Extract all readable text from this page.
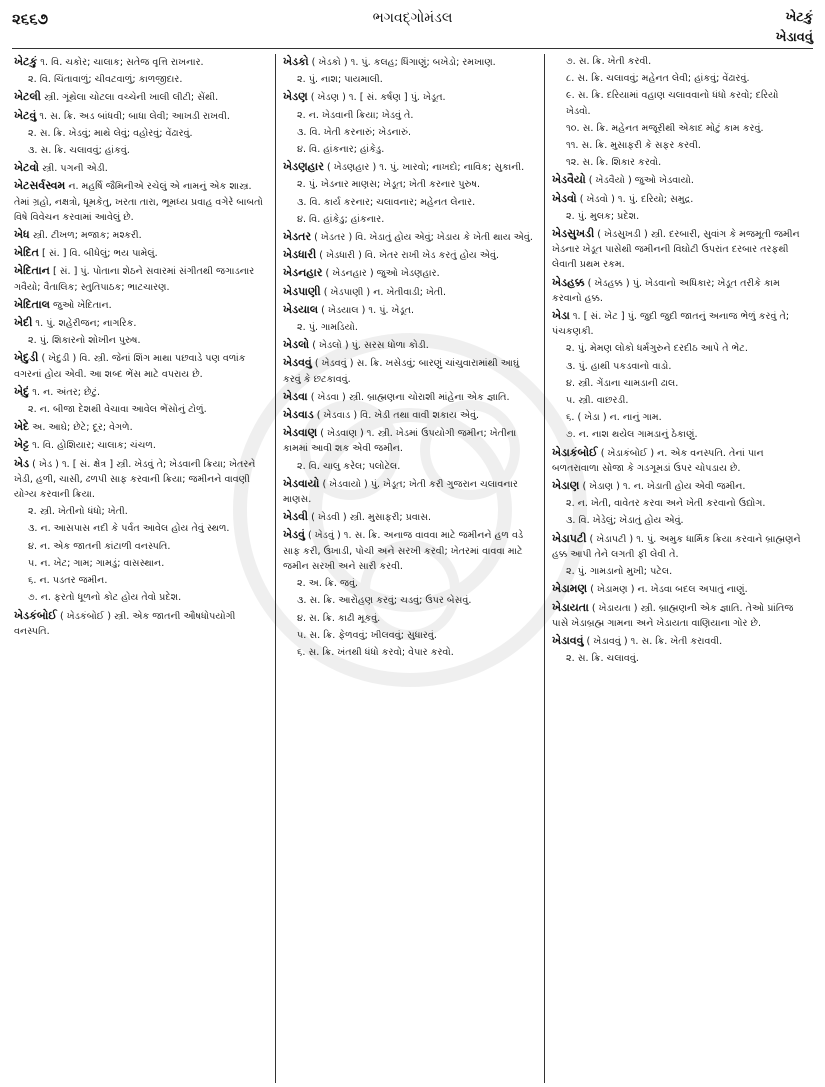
૨૬૬૭	ભગવદ્ગોમંડલ	ખેટકું
ખેડાવવું

ખેટકું ૧. વિ. ચકોર; ચાલાક; સતેજ વૃત્તિ રાખનાર.

૨. વિ. ચિંતાવાળું; ચીવટવાળું; કાળજીદાર.

ખેટલી સ્ત્રી. ગૂંથેલા ચોટલા વચ્ચેની ખાલી લીટી; સેંથી.

ખેટવું ૧. સ. ક્રિ. અડ બાંધવી; બાધા લેવી; આખડી રાખવી.

૨. સ. ક્રિ. ખેડવું; માથે લેવું; વહોરવું; વેંઢારવું.

૩. સ. ક્રિ. ચલાવવું; હાંકવું.

ખેટવો સ્ત્રી. પગની એડી.

ખેટસર્વસ્વમ ન. મહર્ષિ જૈમિનીએ રચેલું એ નામનું એક શાસ્ત્ર. તેમાં ગ્રહો, નક્ષત્રો, ધૂમકેતુ, ખરતા તારા, ભૂમધ્ય પ્રવાહ વગેરે બાબતો વિષે વિવેચન કરવામાં આવેલું છે.

ખેધ સ્ત્રી. ટીખળ; મજાક; મશ્કરી.

ખેદિત [ સં. ] વિ. બીધેલું; ભય પામેલું.

ખેદિતાન [ સં. ] પું. પોતાના શેઠને સવારમાં સંગીતથી જગાડનાર ગવૈયો; વૈતાલિક; સ્તુતિપાઠક; ભાટચારણ.

ખેદિતાલ જુઓ ખેદિતાન.

ખેદી ૧. પું. શહેરીજન; નાગરિક.

૨. પું. શિકારનો શોખીન પુરુષ.

ખેદુડી ( ખેદુડી ) વિ. સ્ત્રી. જેનાં શિંગ માથા પછવાડે પણ વળાંક વગરનાં હોય એવી. આ શબ્દ ભેંસ માટે વપરાય છે.

ખેદું ૧. ન. અંતર; છેટું.

૨. ન. બીજા દેશથી વેચાવા આવેલ ભેંસોનું ટોળું.

ખેદે અ. આઘે; છેટે; દૂર; વેગળે.

ખેટ્ટ ૧. વિ. હોશિયાર; ચાલાક; ચંચળ.

ખેડ ( ખેડ ) ૧. [ સં. ક્ષેત્ર ] સ્ત્રી. ખેડવું તે; ખેડવાની ક્રિયા; ખેતરને ખેડી, હળી, ચાસી, ઢળપી સાફ કરવાની ક્રિયા; જમીનને વાવણી યોગ્ય કરવાની ક્રિયા.

૨. સ્ત્રી. ખેતીનો ધંધો; ખેતી.

૩. ન. આસપાસ નદી કે પર્વત આવેલ હોય તેવું સ્થળ.

૪. ન. એક જાતની કાંટાળી વનસ્પતિ.

૫. ન. ખેટ; ગામ; ગામડું; વાસસ્થાન.

૬. ન. પડતર જમીન.

૭. ન. ફરતો ધૂળનો કોટ હોય તેવો પ્રદેશ.

ખેડકંબોઈ ( ખેડકંબોઈ ) સ્ત્રી. એક જાતની ઔષધોપયોગી વનસ્પતિ.

ખેડકો ( ખેડકો ) ૧. પું. કલહ; ધિંગાણું; બખેડો; રમખાણ.

૨. પું. નાશ; પાયમાલી.

ખેડણ ( ખેડણ ) ૧. [ સં. કર્ષણ ] પું. ખેડૂત.

૨. ન. ખેડવાની ક્રિયા; ખેડવું તે.

૩. વિ. ખેતી કરનારું; ખેડનારું.

૪. વિ. હાંકનાર; હાંકેડુ.

ખેડણહાર ( ખેડણહાર ) ૧. પું. ખારવો; નાખદો; નાવિક; સુકાની.

૨. પું. ખેડનાર માણસ; ખેડૂત; ખેતી કરનાર પુરુષ.

૩. વિ. કાર્ય કરનાર; ચલાવનાર; મહેનત લેનાર.

૪. વિ. હાંકેડુ; હાંકનાર.

ખેડતર ( ખેડતર ) વિ. ખેડાતું હોય એવું; ખેડાય કે ખેતી થાય એવું.

ખેડધારી ( ખેડધારી ) વિ. ખેતર રાખી ખેડ કરતું હોય એવું.

ખેડનહાર ( ખેડનહાર ) જુઓ ખેડણહાર.

ખેડપાણી ( ખેડપાણી ) ન. ખેતીવાડી; ખેતી.

ખેડયાલ ( ખેડયાલ ) ૧. પું. ખેડૂત.

૨. પું. ગામડિયો.

ખેડલો ( ખેડલો ) પું. સરસ ધોળા કોડી.

ખેડવવું ( ખેડવવું ) સ. ક્રિ. ખસેડવું; બારણું ચાંચુવારામાંથી આઘું કરવું કે છટકાવવું.

ખેડવા ( ખેડવા ) સ્ત્રી. બ્રાહ્મણના ચોરાશી માંહેના એક જ્ઞાતિ.

ખેડવાડ ( ખેડવાડ ) વિ. ખેડી તથા વાવી શકાય એવું.

ખેડવાણ ( ખેડવાણ ) ૧. સ્ત્રી. ખેડમાં ઉપયોગી જમીન; ખેતીના કામમાં આવી શક એવી જમીન.

૨. વિ. ચાલુ કરેલ; પલોટેલ.

ખેડવાયો ( ખેડવાયો ) પું. ખેડૂત; ખેતી કરી ગુજરાન ચલાવનાર માણસ.

ખેડવી ( ખેડવી ) સ્ત્રી. મુસાફરી; પ્રવાસ.

ખેડવું ( ખેડવું ) ૧. સ. ક્રિ. અનાજ વાવવા માટે જમીનને હળ વડે સાફ કરી, ઉખાડી, પોચી અને સરખી કરવી; ખેતરમાં વાવવા માટે જમીન સરખી અને સારી કરવી.

૨. અ. ક્રિ. જવું.

૩. સ. ક્રિ. આરોહણ કરવું; ચડવું; ઉપર બેસવું.

૪. સ. ક્રિ. કાઢી મૂકવું.

૫. સ. ક્રિ. ફેળવવું; ખીલવવું; સુધારવું.

૬. સ. ક્રિ. ખંતથી ધંધો કરવો; વેપાર કરવો.

૭. સ. ક્રિ. ખેતી કરવી.

૮. સ. ક્રિ. ચલાવવું; મહેનત લેવી; હાંકવું; વેંઢારવું.

૯. સ. ક્રિ. દરિયામાં વહાણ ચલાવવાનો ધંધો કરવો; દરિયો ખેડવો.

૧૦. સ. ક્રિ. મહેનત મજૂરીથી એકાદ મોટું કામ કરવું.

૧૧. સ. ક્રિ. મુસાફરી કે સફર કરવી.

૧૨. સ. ક્રિ. શિકાર કરવો.

ખેડવૈયો ( ખેડવૈયો ) જુઓ ખેડવાયો.

ખેડવો ( ખેડવો ) ૧. પું. દરિયો; સમુદ્ર.

૨. પું. મુલક; પ્રદેશ.

ખેડસુખડી ( ખેડસુખડી ) સ્ત્રી. દરબારી, સુવાંગ કે મજમૂતી જમીન ખેડનાર ખેડૂત પાસેથી જમીનની વિઘોટી ઉપરાંત દરબાર તરફથી લેવાતી પ્રથમ રકમ.

ખેડહક્ક ( ખેડહક્ક ) પું. ખેડવાનો અધિકાર; ખેડૂત તરીકે કામ કરવાનો હક્ક.

ખેડા ૧. [ સં. ખેટ ] પું. જુદી જુદી જાતનું અનાજ ભેળું કરવું તે; પંચકણકી.

૨. પું. મેમણ લોકો ધર્મગુરુને દરદીઠ આપે તે ભેટ.

૩. પું. હાથી પકડવાનો વાડો.

૪. સ્ત્રી. ગેંડાના ચામડાની ઢાલ.

૫. સ્ત્રી. વાછરડી.

૬. ( ખેડા ) ન. નાનું ગામ.

૭. ન. નાશ થયેલ ગામડાનું ઠેકાણું.

ખેડાકંબોઈ ( ખેડાકંબોઈ ) ન. એક વનસ્પતિ. તેનાં પાન બળતરાવાળા સોજા કે ગડગૂમડાં ઉપર ચોપડાય છે.

ખેડાણ ( ખેડાણ ) ૧. ન. ખેડાતી હોય એવી જમીન.

૨. ન. ખેતી, વાવેતર કરવા અને ખેતી કરવાનો ઉદ્યોગ.

૩. વિ. ખેડેલું; ખેડાતું હોય એવું.

ખેડાપટી ( ખેડાપટી ) ૧. પું. અમુક ધાર્મિક ક્રિયા કરવાને બ્રાહ્મણને હક્ક આપી તેને લગતી ફી લેવી તે.

૨. પું. ગામડાનો મુખી; પટેલ.

ખેડામણ ( ખેડામણ ) ન. ખેડવા બદલ અપાતું નાણું.

ખેડાયતા ( ખેડાયતા ) સ્ત્રી. બ્રાહ્મણની એક જ્ઞાતિ. તેઓ પ્રાંતિજ પાસે ખેડાબ્રહ્મ ગામના અને ખેડાયતા વાણિયાના ગોર છે.

ખેડાવવું ( ખેડાવવું ) ૧. સ. ક્રિ. ખેતી કરાવવી.

૨. સ. ક્રિ. ચલાવવું.
